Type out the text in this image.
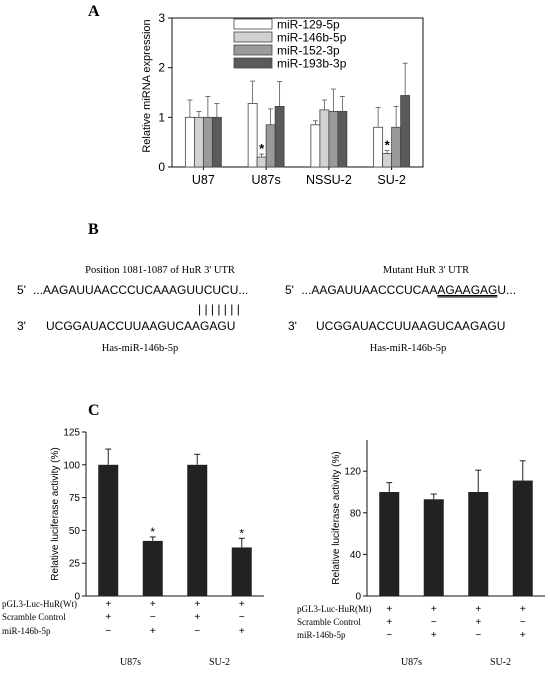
A
Relative miRNA expression
0
1
2
3
U87	U87s
*
NSSU-2 SU-2
*
miR-129-5p
miR-146b-5p
miR-152-3p
miR-193b-3p
B
Position 1081-1087 of HuR 3' UTR
5' ...AAGAUUAACCCUCAAAGUUCUCU...
| | | | | | |
3' UCGGAUACCUUAAGUCAAGAGU
Has-miR-146b-5p
Mutant HuR 3' UTR
5' ...AAGAUUAACCCUCAAAGAAGAGU...
3' UCGGAUACCUUAAGUCAAGAGU
Has-miR-146b-5p
C
0
25
50
75
100
125
Relative luciferase activity (%)	*	*
pGL3-Luc-HuR(Wt)	+	+	+	+
Scramble Control	+	−	+	−
miR-146b-5p	−	+	−	+
U87s	SU-2
0
40
80
120
Relative luciferase activity (%)
pGL3-Luc-HuR(Mt) +	+	+	+
Scramble Control	+	−	+	−
miR-146b-5p	−	+	−	+
U87s	SU-2
